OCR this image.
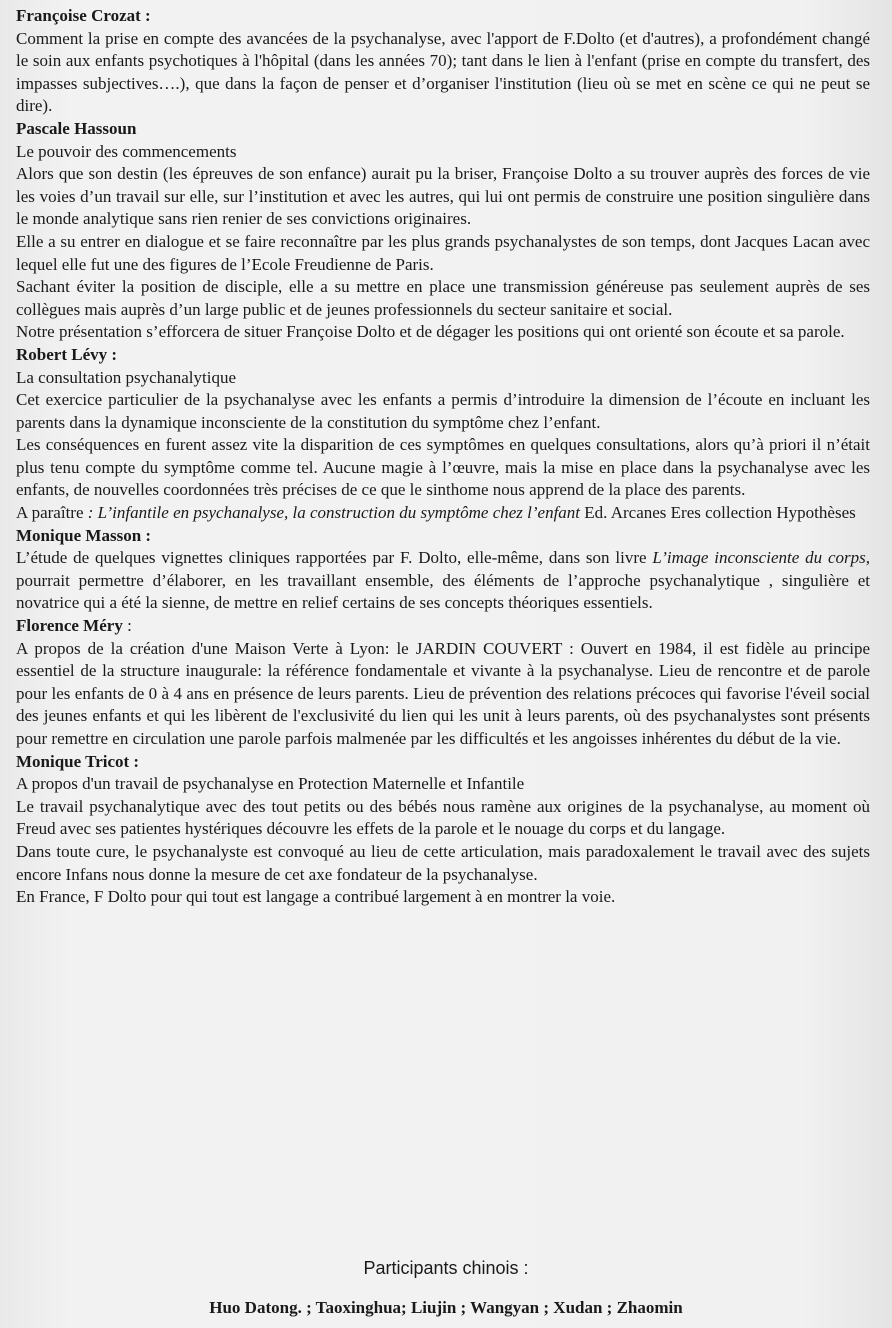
Françoise Crozat :

Comment la prise en compte des avancées de la psychanalyse, avec l'apport de F.Dolto (et d'autres), a profondément changé le soin aux enfants psychotiques à l'hôpital (dans les années 70); tant dans le lien à l'enfant (prise en compte du transfert, des impasses subjectives….), que dans la façon de penser et d’organiser l'institution (lieu où se met en scène ce qui ne peut se dire).

Pascale Hassoun

Le pouvoir des commencements

Alors que son destin (les épreuves de son enfance) aurait pu la briser, Françoise Dolto a su trouver auprès des forces de vie les voies d’un travail sur elle, sur l’institution et avec les autres, qui lui ont permis de construire une position singulière dans le monde analytique sans rien renier de ses convictions originaires.

Elle a su entrer en dialogue et se faire reconnaître par les plus grands psychanalystes de son temps, dont Jacques Lacan avec lequel elle fut une des figures de l’Ecole Freudienne de Paris.

Sachant éviter la position de disciple, elle a su mettre en place une transmission généreuse pas seulement auprès de ses collègues mais auprès d’un large public et de jeunes professionnels du secteur sanitaire et social.

Notre présentation s’efforcera de situer Françoise Dolto et de dégager les positions qui ont orienté son écoute et sa parole.

Robert Lévy :

La consultation psychanalytique

Cet exercice particulier de la psychanalyse avec les enfants a permis d’introduire la dimension de l’écoute en incluant les parents dans la dynamique inconsciente de la constitution du symptôme chez l’enfant.

Les conséquences en furent assez vite la disparition de ces symptômes en quelques consultations, alors qu’à priori il n’était plus tenu compte du symptôme comme tel. Aucune magie à l’œuvre, mais la mise en place dans la psychanalyse avec les enfants, de nouvelles coordonnées très précises de ce que le sinthome nous apprend de la place des parents.

A paraître : L’infantile en psychanalyse, la construction du symptôme chez l’enfant Ed. Arcanes Eres collection Hypothèses

Monique Masson :

L’étude de quelques vignettes cliniques rapportées par F. Dolto, elle-même, dans son livre L’image inconsciente du corps, pourrait permettre d’élaborer, en les travaillant ensemble, des éléments de l’approche psychanalytique , singulière et novatrice qui a été la sienne, de mettre en relief certains de ses concepts théoriques essentiels.

Florence Méry :

A propos de la création d'une Maison Verte à Lyon: le JARDIN COUVERT : Ouvert en 1984, il est fidèle au principe essentiel de la structure inaugurale: la référence fondamentale et vivante à la psychanalyse. Lieu de rencontre et de parole pour les enfants de 0 à 4 ans en présence de leurs parents. Lieu de prévention des relations précoces qui favorise l'éveil social des jeunes enfants et qui les libèrent de l'exclusivité du lien qui les unit à leurs parents, où des psychanalystes sont présents pour remettre en circulation une parole parfois malmenée par les difficultés et les angoisses inhérentes du début de la vie.

Monique Tricot :

A propos d'un travail de psychanalyse en Protection Maternelle et Infantile

Le travail psychanalytique avec des tout petits ou des bébés nous ramène aux origines de la psychanalyse, au moment où Freud avec ses patientes hystériques découvre les effets de la parole et le nouage du corps et du langage.

Dans toute cure, le psychanalyste est convoqué au lieu de cette articulation, mais paradoxalement le travail avec des sujets encore Infans nous donne la mesure de cet axe fondateur de la psychanalyse.

En France, F Dolto pour qui tout est langage a contribué largement à en montrer la voie.

Participants chinois :

Huo Datong. ; Taoxinghua; Liujin ; Wangyan ; Xudan ; Zhaomin
